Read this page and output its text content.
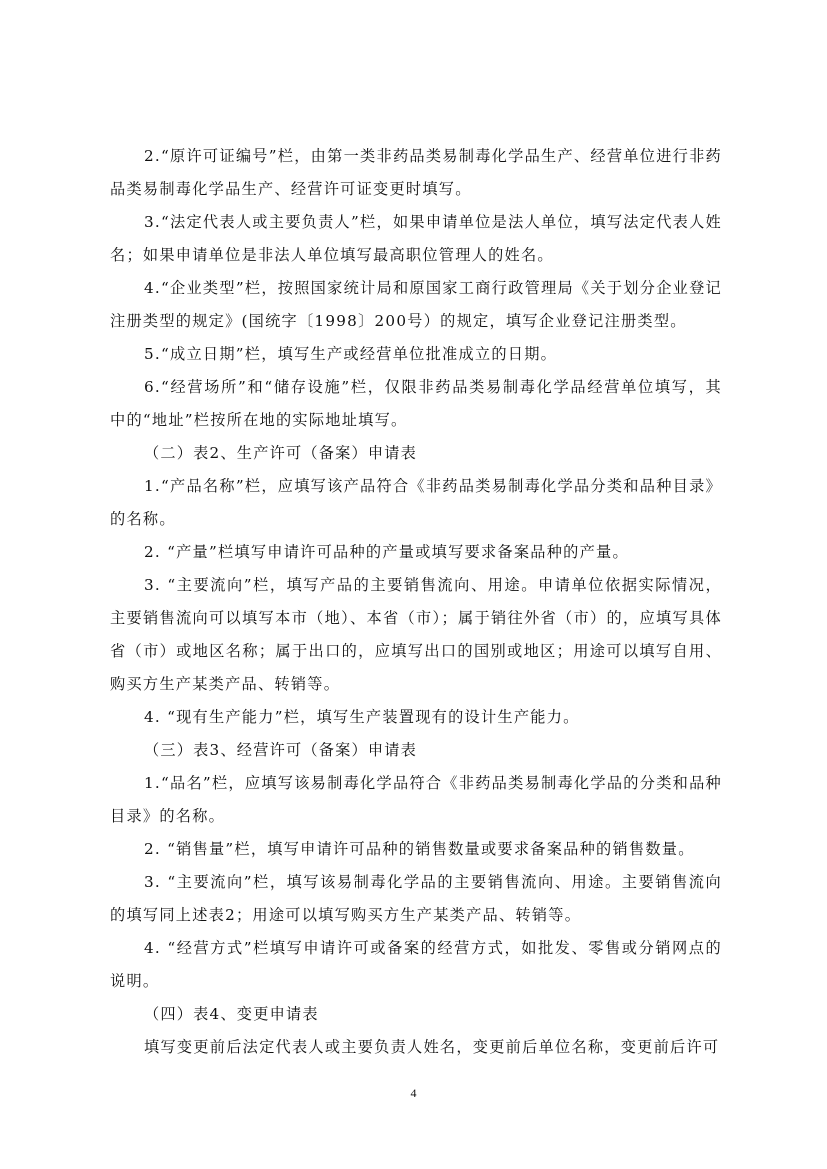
2.“原许可证编号”栏，由第一类非药品类易制毒化学品生产、经营单位进行非药品类易制毒化学品生产、经营许可证变更时填写。

3.“法定代表人或主要负责人”栏，如果申请单位是法人单位，填写法定代表人姓名；如果申请单位是非法人单位填写最高职位管理人的姓名。

4.“企业类型”栏，按照国家统计局和原国家工商行政管理局《关于划分企业登记注册类型的规定》(国统字〔1998〕200号）的规定，填写企业登记注册类型。

5.“成立日期”栏，填写生产或经营单位批准成立的日期。

6.“经营场所”和“储存设施”栏，仅限非药品类易制毒化学品经营单位填写，其中的“地址”栏按所在地的实际地址填写。

（二）表2、生产许可（备案）申请表

1.“产品名称”栏，应填写该产品符合《非药品类易制毒化学品分类和品种目录》的名称。

2. “产量”栏填写申请许可品种的产量或填写要求备案品种的产量。

3. “主要流向”栏，填写产品的主要销售流向、用途。申请单位依据实际情况，主要销售流向可以填写本市（地）、本省（市）；属于销往外省（市）的，应填写具体省（市）或地区名称；属于出口的，应填写出口的国别或地区；用途可以填写自用、购买方生产某类产品、转销等。

4. “现有生产能力”栏，填写生产装置现有的设计生产能力。

（三）表3、经营许可（备案）申请表

1.“品名”栏，应填写该易制毒化学品符合《非药品类易制毒化学品的分类和品种目录》的名称。

2. “销售量”栏，填写申请许可品种的销售数量或要求备案品种的销售数量。

3. “主要流向”栏，填写该易制毒化学品的主要销售流向、用途。主要销售流向的填写同上述表2；用途可以填写购买方生产某类产品、转销等。

4. “经营方式”栏填写申请许可或备案的经营方式，如批发、零售或分销网点的说明。

（四）表4、变更申请表

填写变更前后法定代表人或主要负责人姓名，变更前后单位名称，变更前后许可

4
